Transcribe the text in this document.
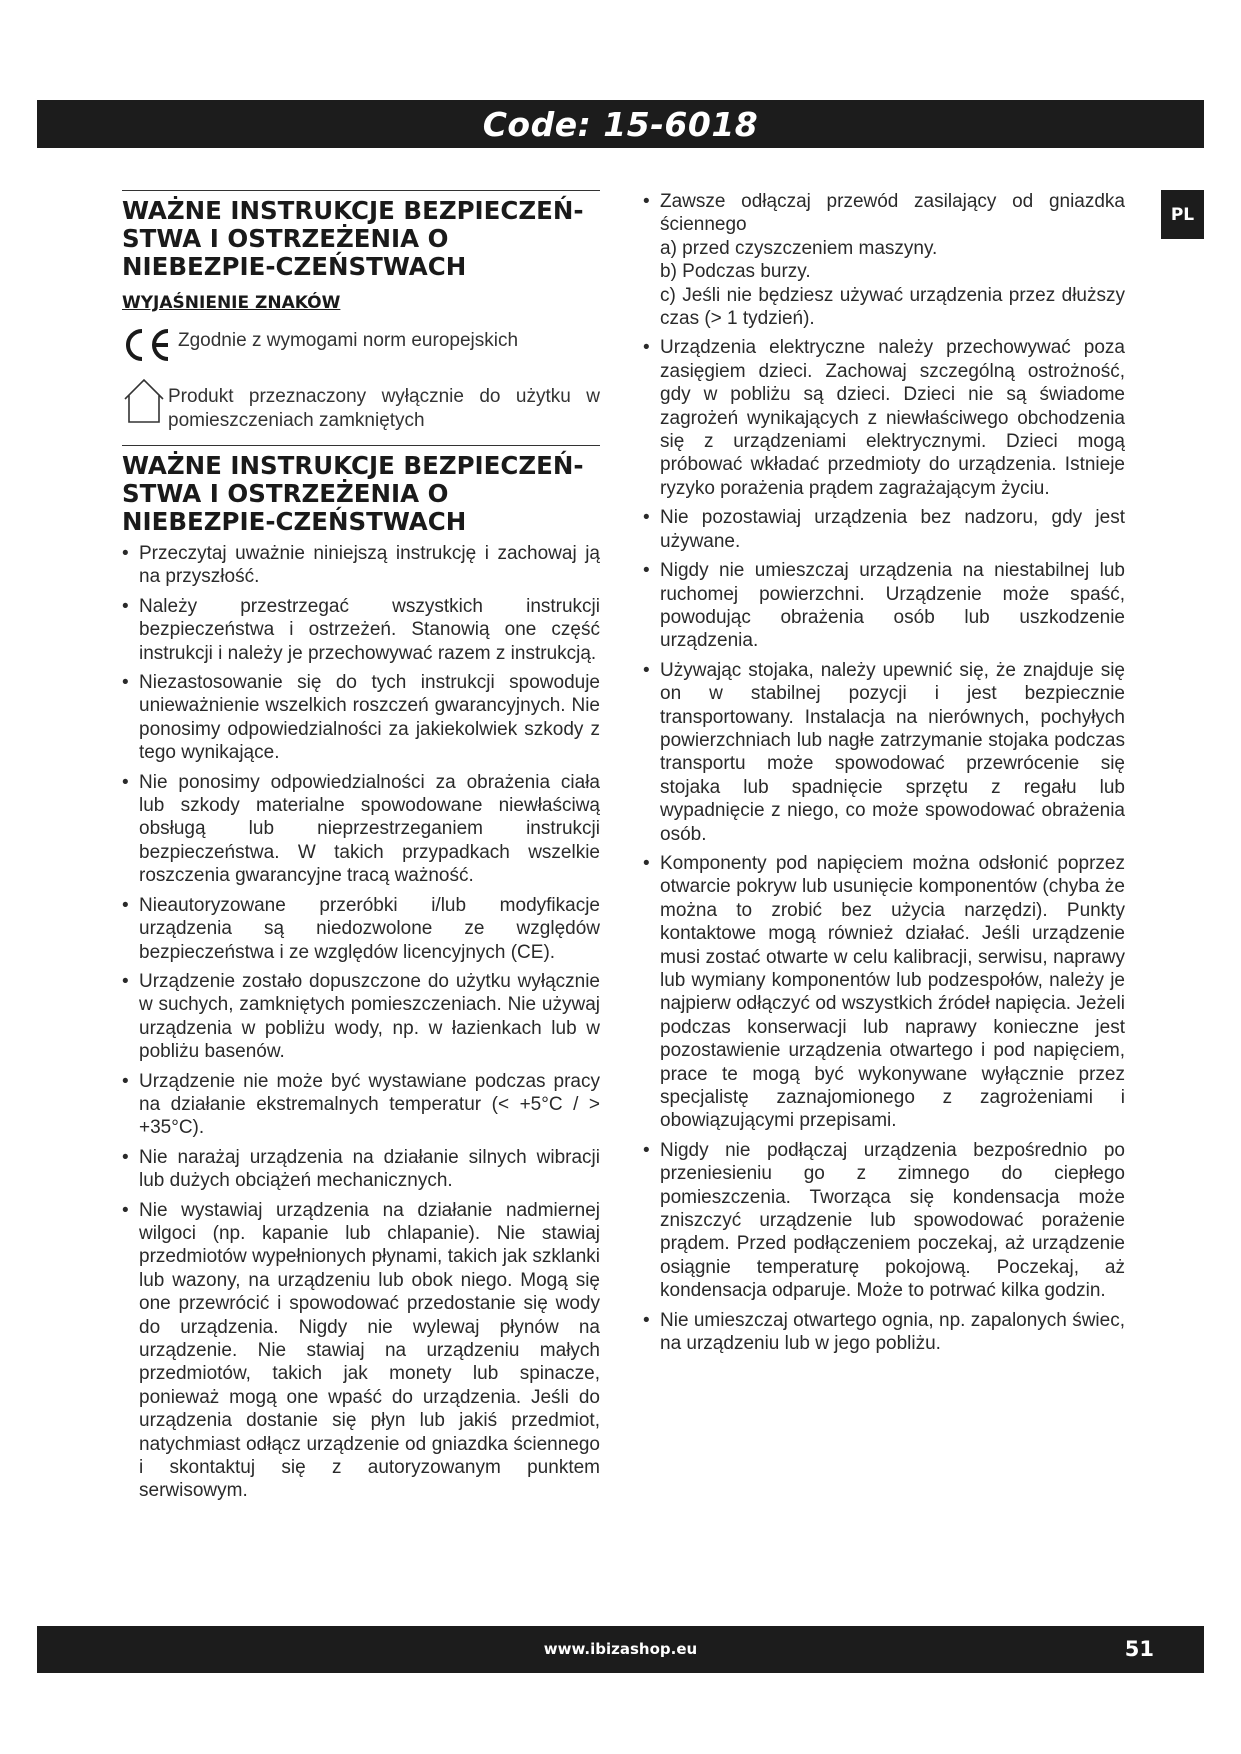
Code: 15-6018
PL
WAŻNE INSTRUKCJE BEZPIECZEŃ-STWA I OSTRZEŻENIA O NIEBEZPIE-CZEŃSTWACH
WYJAŚNIENIE ZNAKÓW
Zgodnie z wymogami norm europejskich
Produkt przeznaczony wyłącznie do użytku w pomieszczeniach zamkniętych
WAŻNE INSTRUKCJE BEZPIECZEŃ-STWA I OSTRZEŻENIA O NIEBEZPIE-CZEŃSTWACH
• Przeczytaj uważnie niniejszą instrukcję i zachowaj ją na przyszłość.
• Należy przestrzegać wszystkich instrukcji bezpieczeństwa i ostrzeżeń. Stanowią one część instrukcji i należy je przechowywać razem z instrukcją.
• Niezastosowanie się do tych instrukcji spowoduje unieważnienie wszelkich roszczeń gwarancyjnych. Nie ponosimy odpowiedzialności za jakiekolwiek szkody z tego wynikające.
• Nie ponosimy odpowiedzialności za obrażenia ciała lub szkody materialne spowodowane niewłaściwą obsługą lub nieprzestrzeganiem instrukcji bezpieczeństwa. W takich przypadkach wszelkie roszczenia gwarancyjne tracą ważność.
• Nieautoryzowane przeróbki i/lub modyfikacje urządzenia są niedozwolone ze względów bezpieczeństwa i ze względów licencyjnych (CE).
• Urządzenie zostało dopuszczone do użytku wyłącznie w suchych, zamkniętych pomieszczeniach. Nie używaj urządzenia w pobliżu wody, np. w łazienkach lub w pobliżu basenów.
• Urządzenie nie może być wystawiane podczas pracy na działanie ekstremalnych temperatur (< +5°C / > +35°C).
• Nie narażaj urządzenia na działanie silnych wibracji lub dużych obciążeń mechanicznych.
• Nie wystawiaj urządzenia na działanie nadmiernej wilgoci (np. kapanie lub chlapanie). Nie stawiaj przedmiotów wypełnionych płynami, takich jak szklanki lub wazony, na urządzeniu lub obok niego. Mogą się one przewrócić i spowodować przedostanie się wody do urządzenia. Nigdy nie wylewaj płynów na urządzenie. Nie stawiaj na urządzeniu małych przedmiotów, takich jak monety lub spinacze, ponieważ mogą one wpaść do urządzenia. Jeśli do urządzenia dostanie się płyn lub jakiś przedmiot, natychmiast odłącz urządzenie od gniazdka ściennego i skontaktuj się z autoryzowanym punktem serwisowym.
• Zawsze odłączaj przewód zasilający od gniazdka ściennego
a) przed czyszczeniem maszyny.
b) Podczas burzy.
c) Jeśli nie będziesz używać urządzenia przez dłuższy czas (> 1 tydzień).
• Urządzenia elektryczne należy przechowywać poza zasięgiem dzieci. Zachowaj szczególną ostrożność, gdy w pobliżu są dzieci. Dzieci nie są świadome zagrożeń wynikających z niewłaściwego obchodzenia się z urządzeniami elektrycznymi. Dzieci mogą próbować wkładać przedmioty do urządzenia. Istnieje ryzyko porażenia prądem zagrażającym życiu.
• Nie pozostawiaj urządzenia bez nadzoru, gdy jest używane.
• Nigdy nie umieszczaj urządzenia na niestabilnej lub ruchomej powierzchni. Urządzenie może spaść, powodując obrażenia osób lub uszkodzenie urządzenia.
• Używając stojaka, należy upewnić się, że znajduje się on w stabilnej pozycji i jest bezpiecznie transportowany. Instalacja na nierównych, pochyłych powierzchniach lub nagłe zatrzymanie stojaka podczas transportu może spowodować przewrócenie się stojaka lub spadnięcie sprzętu z regału lub wypadnięcie z niego, co może spowodować obrażenia osób.
• Komponenty pod napięciem można odsłonić poprzez otwarcie pokryw lub usunięcie komponentów (chyba że można to zrobić bez użycia narzędzi). Punkty kontaktowe mogą również działać. Jeśli urządzenie musi zostać otwarte w celu kalibracji, serwisu, naprawy lub wymiany komponentów lub podzespołów, należy je najpierw odłączyć od wszystkich źródeł napięcia. Jeżeli podczas konserwacji lub naprawy konieczne jest pozostawienie urządzenia otwartego i pod napięciem, prace te mogą być wykonywane wyłącznie przez specjalistę zaznajomionego z zagrożeniami i obowiązującymi przepisami.
• Nigdy nie podłączaj urządzenia bezpośrednio po przeniesieniu go z zimnego do ciepłego pomieszczenia. Tworząca się kondensacja może zniszczyć urządzenie lub spowodować porażenie prądem. Przed podłączeniem poczekaj, aż urządzenie osiągnie temperaturę pokojową. Poczekaj, aż kondensacja odparuje. Może to potrwać kilka godzin.
• Nie umieszczaj otwartego ognia, np. zapalonych świec, na urządzeniu lub w jego pobliżu.
www.ibizashop.eu	51
